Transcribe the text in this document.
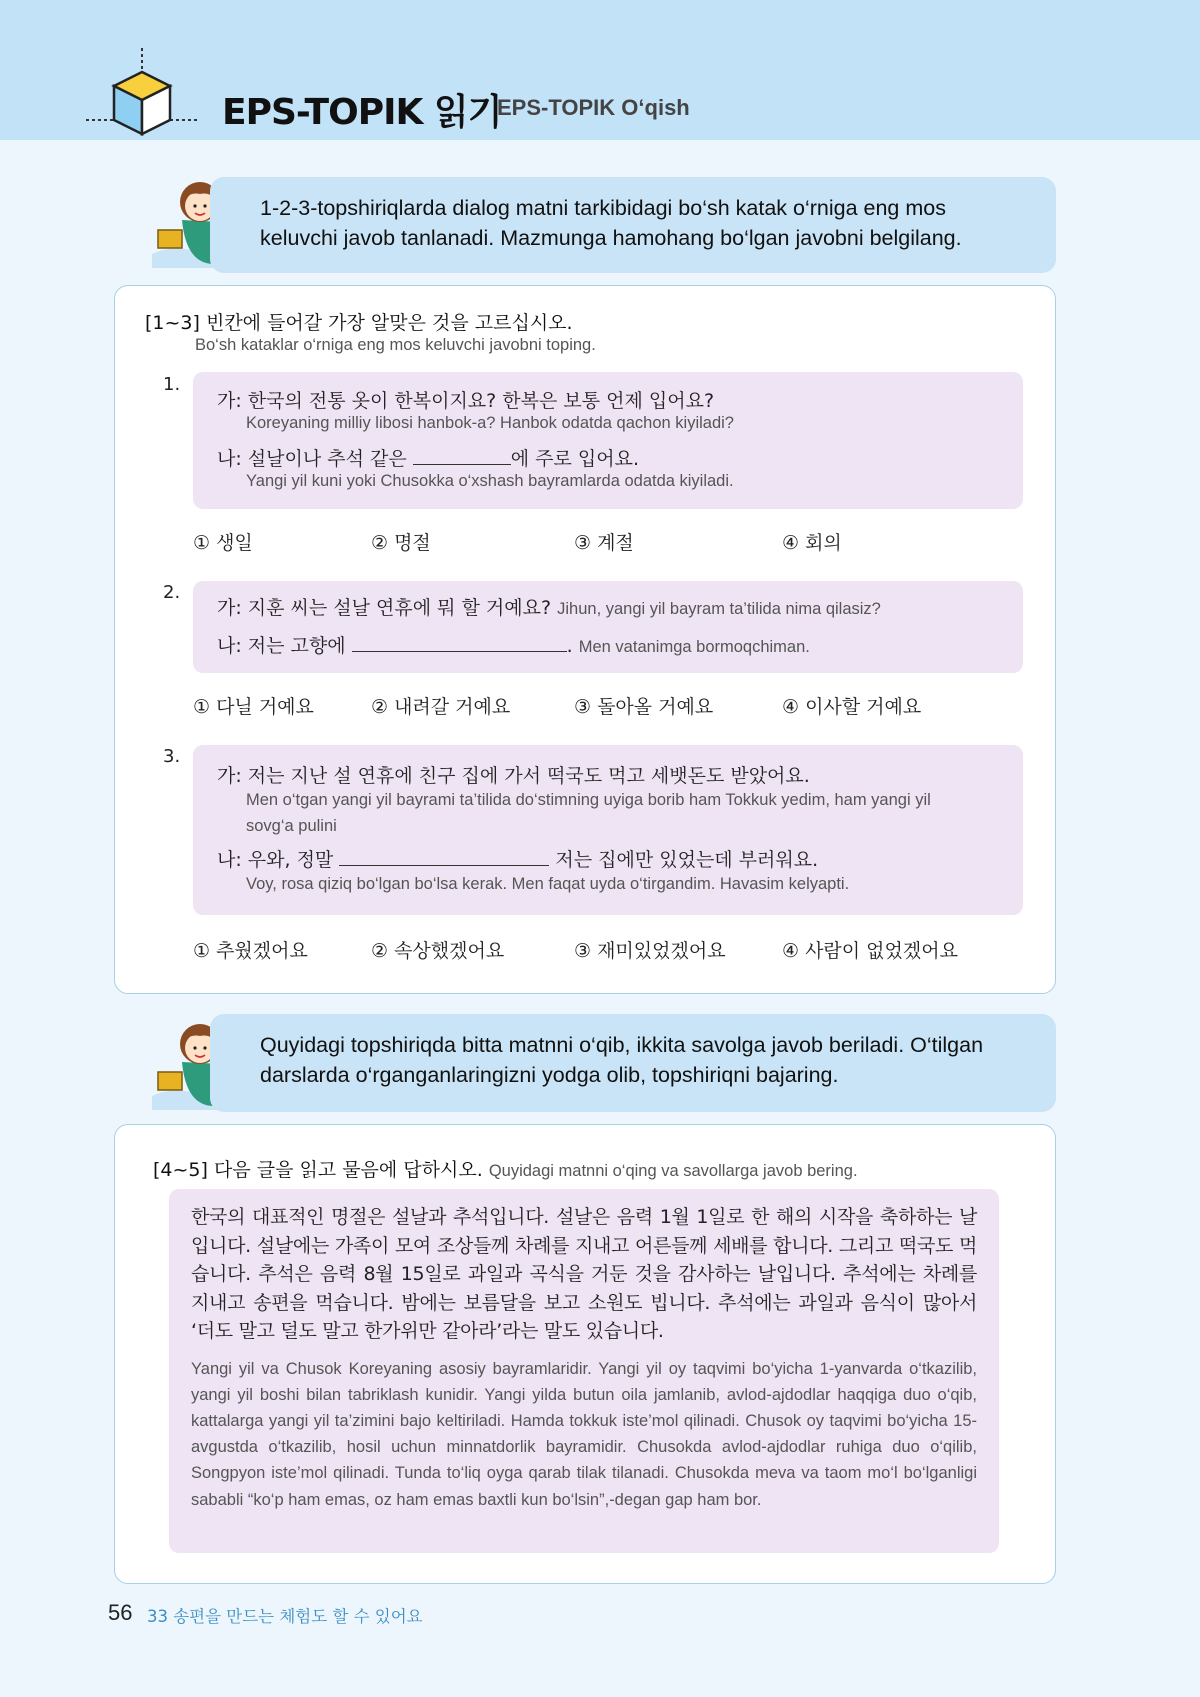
EPS-TOPIK 읽기
EPS-TOPIK O‘qish
1-2-3-topshiriqlarda dialog matni tarkibidagi bo‘sh katak o‘rniga eng mos keluvchi javob tanlanadi. Mazmunga hamohang bo‘lgan javobni belgilang.
[1~3] 빈칸에 들어갈 가장 알맞은 것을 고르십시오.
Bo‘sh kataklar o‘rniga eng mos keluvchi javobni toping.
1.
가: 한국의 전통 옷이 한복이지요? 한복은 보통 언제 입어요?
Koreyaning milliy libosi hanbok-a? Hanbok odatda qachon kiyiladi?
나: 설날이나 추석 같은	에 주로 입어요.
Yangi yil kuni yoki Chusokka o‘xshash bayramlarda odatda kiyiladi.
① 생일	② 명절	③ 계절	④ 회의
2.
가: 지훈 씨는 설날 연휴에 뭐 할 거예요? Jihun, yangi yil bayram ta’tilida nima qilasiz?
나: 저는 고향에	. Men vatanimga bormoqchiman.
① 다닐 거예요	② 내려갈 거예요	③ 돌아올 거예요	④ 이사할 거예요
3.
가: 저는 지난 설 연휴에 친구 집에 가서 떡국도 먹고 세뱃돈도 받았어요.
Men o‘tgan yangi yil bayrami ta’tilida do‘stimning uyiga borib ham Tokkuk yedim, ham yangi yil sovg‘a pulini
나: 우와, 정말	저는 집에만 있었는데 부러워요.
Voy, rosa qiziq bo‘lgan bo‘lsa kerak. Men faqat uyda o‘tirgandim. Havasim kelyapti.
① 추웠겠어요	② 속상했겠어요	③ 재미있었겠어요	④ 사람이 없었겠어요
Quyidagi topshiriqda bitta matnni o‘qib, ikkita savolga javob beriladi. O‘tilgan darslarda o‘rganganlaringizni yodga olib, topshiriqni bajaring.
[4~5] 다음 글을 읽고 물음에 답하시오. Quyidagi matnni o‘qing va savollarga javob bering.
한국의 대표적인 명절은 설날과 추석입니다. 설날은 음력 1월 1일로 한 해의 시작을 축하하는 날입니다. 설날에는 가족이 모여 조상들께 차례를 지내고 어른들께 세배를 합니다. 그리고 떡국도 먹습니다. 추석은 음력 8월 15일로 과일과 곡식을 거둔 것을 감사하는 날입니다. 추석에는 차례를 지내고 송편을 먹습니다. 밤에는 보름달을 보고 소원도 빕니다. 추석에는 과일과 음식이 많아서 ‘더도 말고 덜도 말고 한가위만 같아라’라는 말도 있습니다.
Yangi yil va Chusok Koreyaning asosiy bayramlaridir. Yangi yil oy taqvimi bo‘yicha 1-yanvarda o‘tkazilib, yangi yil boshi bilan tabriklash kunidir. Yangi yilda butun oila jamlanib, avlod-ajdodlar haqqiga duo o‘qib, kattalarga yangi yil ta’zimini bajo keltiriladi. Hamda tokkuk iste’mol qilinadi. Chusok oy taqvimi bo‘yicha 15-avgustda o‘tkazilib, hosil uchun minnatdorlik bayramidir. Chusokda avlod-ajdodlar ruhiga duo o‘qilib, Songpyon iste’mol qilinadi. Tunda to‘liq oyga qarab tilak tilanadi. Chusokda meva va taom mo‘l bo‘lganligi sababli “ko‘p ham emas, oz ham emas baxtli kun bo‘lsin”,-degan gap ham bor.
56 33 송편을 만드는 체험도 할 수 있어요
